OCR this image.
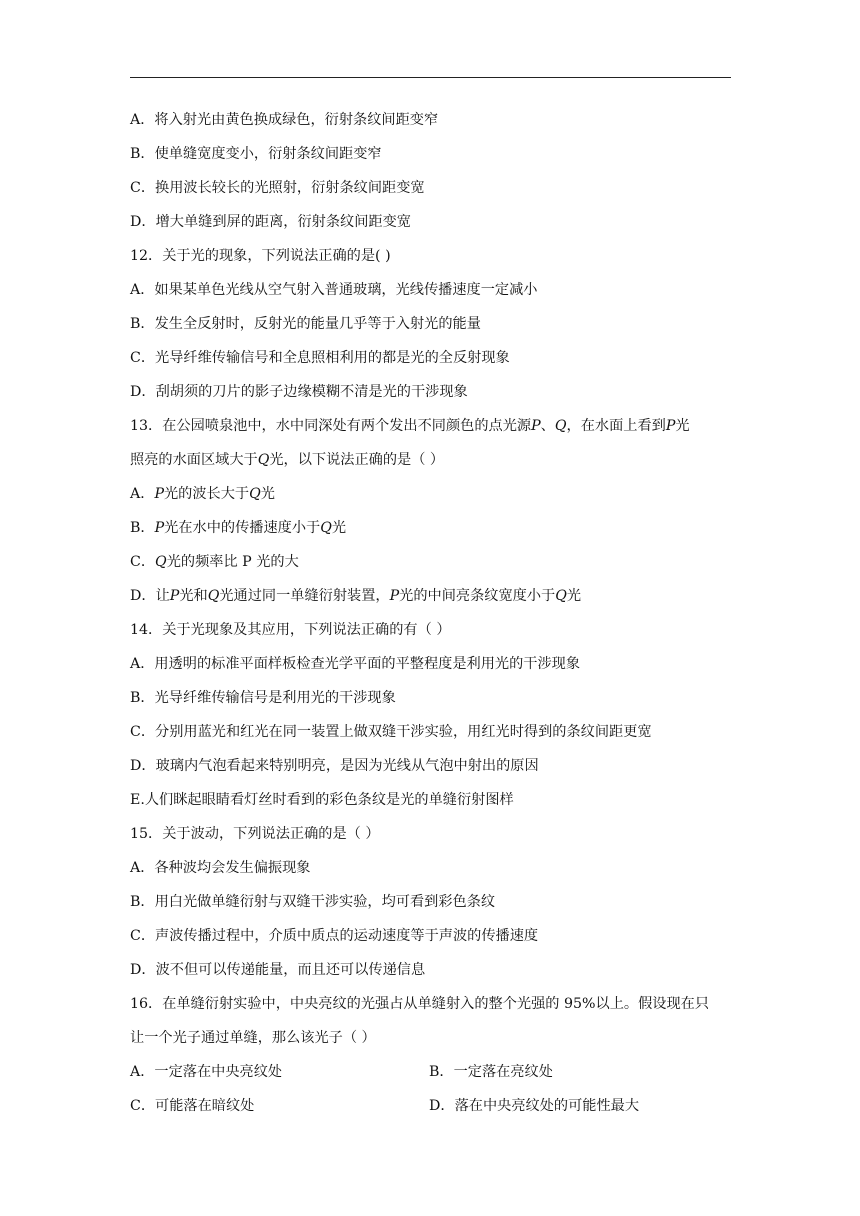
A．将入射光由黄色换成绿色，衍射条纹间距变窄
B．使单缝宽度变小，衍射条纹间距变窄
C．换用波长较长的光照射，衍射条纹间距变宽
D．增大单缝到屏的距离，衍射条纹间距变宽
12．关于光的现象，下列说法正确的是( )
A．如果某单色光线从空气射入普通玻璃，光线传播速度一定减小
B．发生全反射时，反射光的能量几乎等于入射光的能量
C．光导纤维传输信号和全息照相利用的都是光的全反射现象
D．刮胡须的刀片的影子边缘模糊不清是光的干涉现象
13．在公园喷泉池中，水中同深处有两个发出不同颜色的点光源P、Q，在水面上看到P光
照亮的水面区域大于Q光，以下说法正确的是（ ）
A．P光的波长大于Q光
B．P光在水中的传播速度小于Q光
C．Q光的频率比 P 光的大
D．让P光和Q光通过同一单缝衍射装置，P光的中间亮条纹宽度小于Q光
14．关于光现象及其应用，下列说法正确的有（ ）
A．用透明的标准平面样板检查光学平面的平整程度是利用光的干涉现象
B．光导纤维传输信号是利用光的干涉现象
C．分别用蓝光和红光在同一装置上做双缝干涉实验，用红光时得到的条纹间距更宽
D．玻璃内气泡看起来特别明亮，是因为光线从气泡中射出的原因
E.人们眯起眼睛看灯丝时看到的彩色条纹是光的单缝衍射图样
15．关于波动，下列说法正确的是（ ）
A．各种波均会发生偏振现象
B．用白光做单缝衍射与双缝干涉实验，均可看到彩色条纹
C．声波传播过程中，介质中质点的运动速度等于声波的传播速度
D．波不但可以传递能量，而且还可以传递信息
16．在单缝衍射实验中，中央亮纹的光强占从单缝射入的整个光强的 95%以上。假设现在只
让一个光子通过单缝，那么该光子（ ）
A．一定落在中央亮纹处	B．一定落在亮纹处
C．可能落在暗纹处	D．落在中央亮纹处的可能性最大
